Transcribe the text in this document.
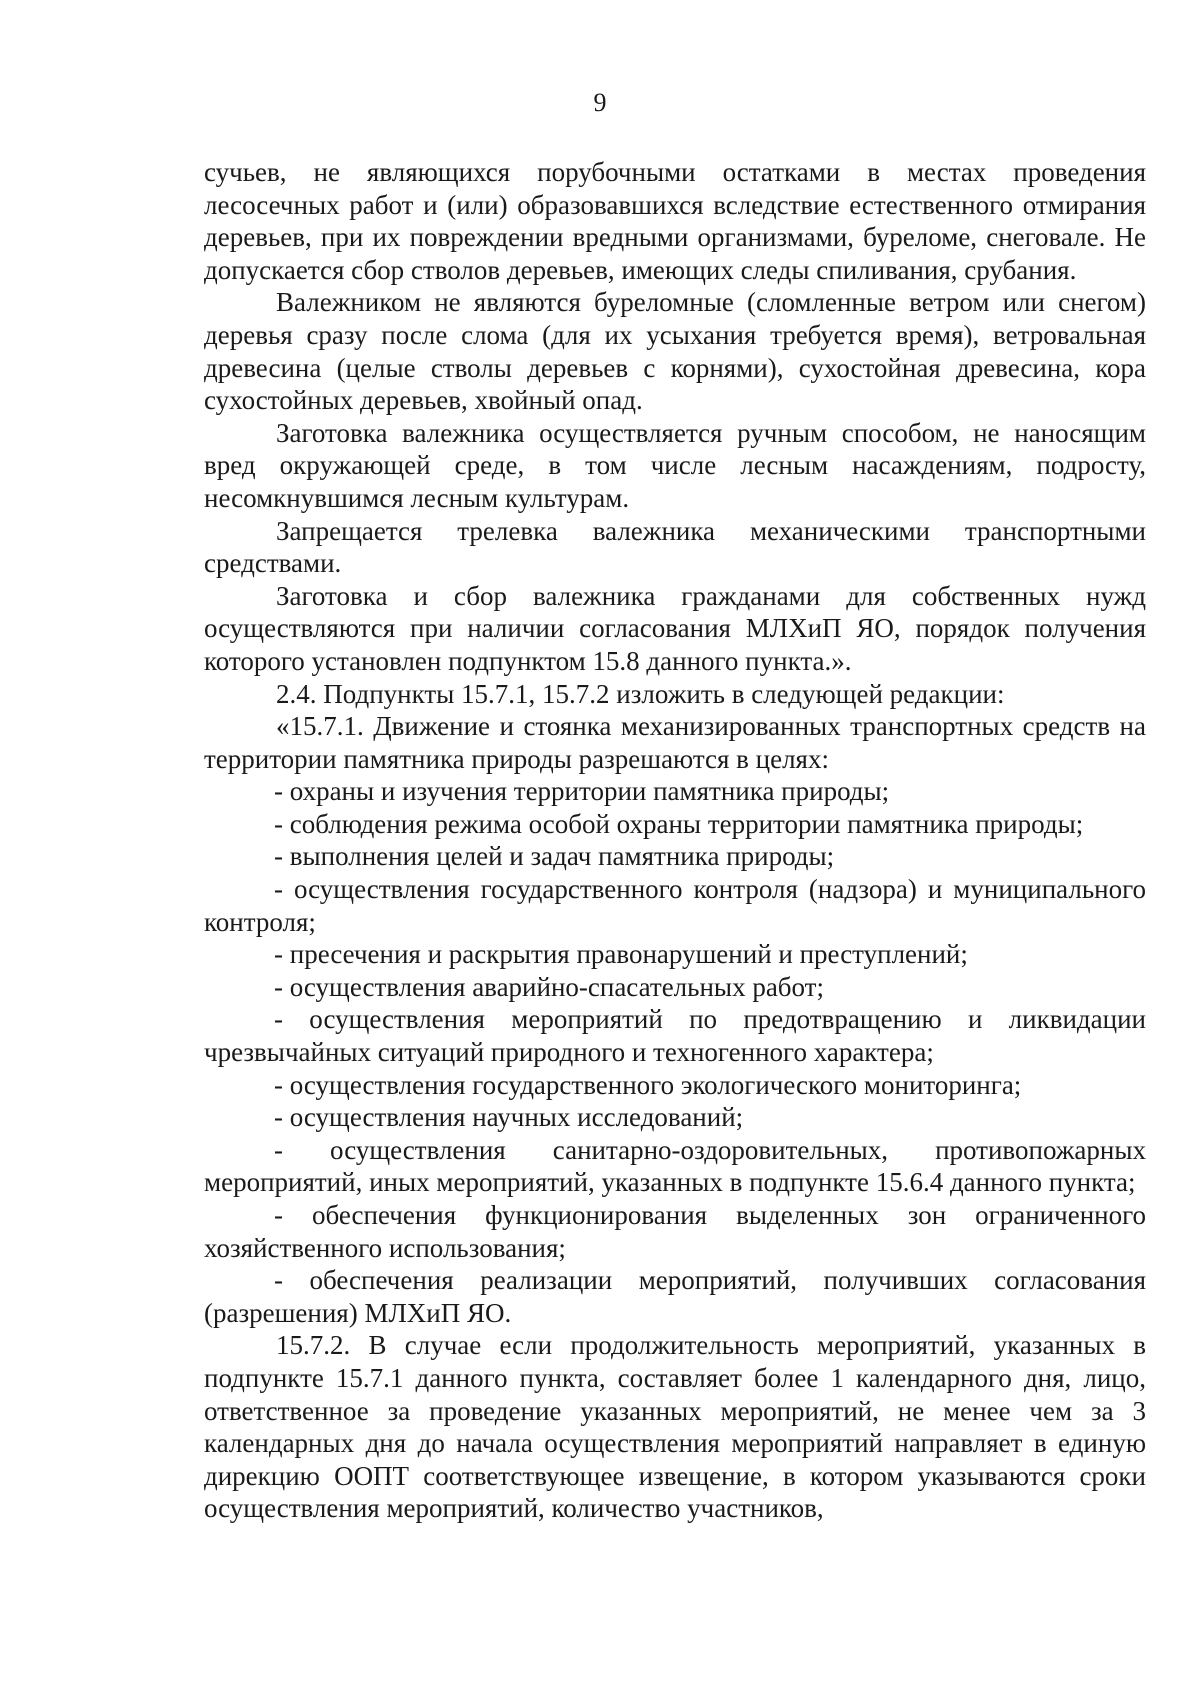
9

сучьев, не являющихся порубочными остатками в местах проведения лесосечных работ и (или) образовавшихся вследствие естественного отмирания деревьев, при их повреждении вредными организмами, буреломе, снеговале. Не допускается сбор стволов деревьев, имеющих следы спиливания, срубания.

Валежником не являются буреломные (сломленные ветром или снегом) деревья сразу после слома (для их усыхания требуется время), ветровальная древесина (целые стволы деревьев с корнями), сухостойная древесина, кора сухостойных деревьев, хвойный опад.

Заготовка валежника осуществляется ручным способом, не наносящим вред окружающей среде, в том числе лесным насаждениям, подросту, несомкнувшимся лесным культурам.

Запрещается трелевка валежника механическими транспортными средствами.

Заготовка и сбор валежника гражданами для собственных нужд осуществляются при наличии согласования МЛХиП ЯО, порядок получения которого установлен подпунктом 15.8 данного пункта.».

2.4. Подпункты 15.7.1, 15.7.2 изложить в следующей редакции:

«15.7.1. Движение и стоянка механизированных транспортных средств на территории памятника природы разрешаются в целях:

- охраны и изучения территории памятника природы;

- соблюдения режима особой охраны территории памятника природы;

- выполнения целей и задач памятника природы;

- осуществления государственного контроля (надзора) и муниципального контроля;

- пресечения и раскрытия правонарушений и преступлений;

- осуществления аварийно-спасательных работ;

- осуществления мероприятий по предотвращению и ликвидации чрезвычайных ситуаций природного и техногенного характера;

- осуществления государственного экологического мониторинга;

- осуществления научных исследований;

- осуществления санитарно-оздоровительных, противопожарных мероприятий, иных мероприятий, указанных в подпункте 15.6.4 данного пункта;

- обеспечения функционирования выделенных зон ограниченного хозяйственного использования;

- обеспечения реализации мероприятий, получивших согласования (разрешения) МЛХиП ЯО.

15.7.2. В случае если продолжительность мероприятий, указанных в подпункте 15.7.1 данного пункта, составляет более 1 календарного дня, лицо, ответственное за проведение указанных мероприятий, не менее чем за 3 календарных дня до начала осуществления мероприятий направляет в единую дирекцию ООПТ соответствующее извещение, в котором указываются сроки осуществления мероприятий, количество участников,
